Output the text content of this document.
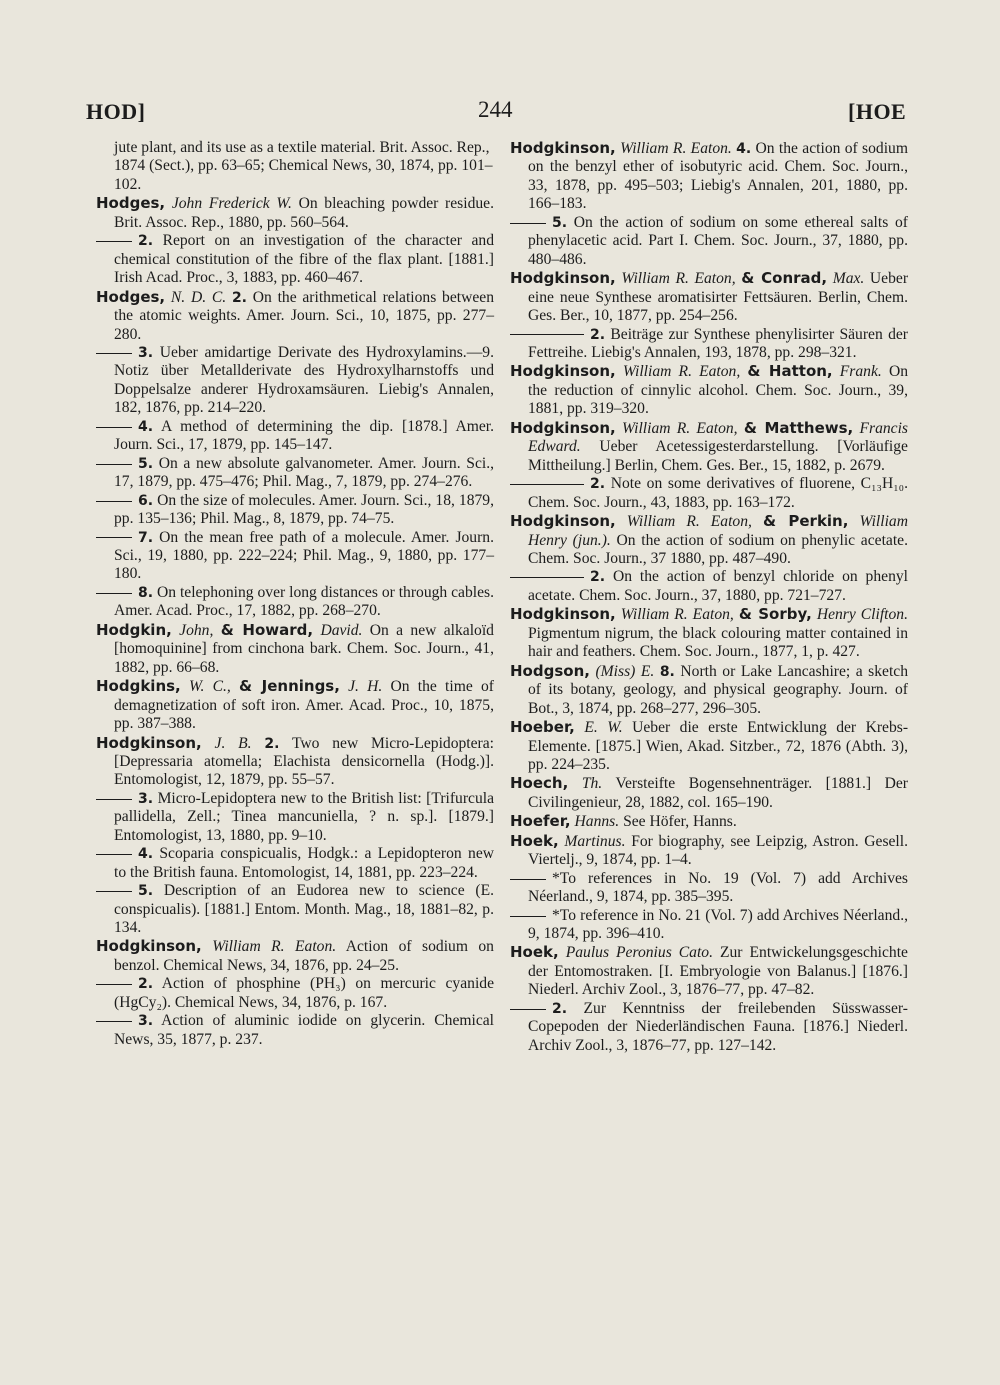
HOD]	244	[HOE

jute plant, and its use as a textile material. Brit. Assoc. Rep., 1874 (Sect.), pp. 63–65; Chemical News, 30, 1874, pp. 101–102.

Hodges, John Frederick W. On bleaching powder residue. Brit. Assoc. Rep., 1880, pp. 560–564.

2. Report on an investigation of the character and chemical constitution of the fibre of the flax plant. [1881.] Irish Acad. Proc., 3, 1883, pp. 460–467.

Hodges, N. D. C. 2. On the arithmetical relations between the atomic weights. Amer. Journ. Sci., 10, 1875, pp. 277–280.

3. Ueber amidartige Derivate des Hydroxylamins.—9. Notiz über Metallderivate des Hydroxylharnstoffs und Doppelsalze anderer Hydroxamsäuren. Liebig's Annalen, 182, 1876, pp. 214–220.

4. A method of determining the dip. [1878.] Amer. Journ. Sci., 17, 1879, pp. 145–147.

5. On a new absolute galvanometer. Amer. Journ. Sci., 17, 1879, pp. 475–476; Phil. Mag., 7, 1879, pp. 274–276.

6. On the size of molecules. Amer. Journ. Sci., 18, 1879, pp. 135–136; Phil. Mag., 8, 1879, pp. 74–75.

7. On the mean free path of a molecule. Amer. Journ. Sci., 19, 1880, pp. 222–224; Phil. Mag., 9, 1880, pp. 177–180.

8. On telephoning over long distances or through cables. Amer. Acad. Proc., 17, 1882, pp. 268–270.

Hodgkin, John, & Howard, David. On a new alkaloïd [homoquinine] from cinchona bark. Chem. Soc. Journ., 41, 1882, pp. 66–68.

Hodgkins, W. C., & Jennings, J. H. On the time of demagnetization of soft iron. Amer. Acad. Proc., 10, 1875, pp. 387–388.

Hodgkinson, J. B. 2. Two new Micro-Lepidoptera: [Depressaria atomella; Elachista densicornella (Hodg.)]. Entomologist, 12, 1879, pp. 55–57.

3. Micro-Lepidoptera new to the British list: [Trifurcula pallidella, Zell.; Tinea mancuniella, ? n. sp.]. [1879.] Entomologist, 13, 1880, pp. 9–10.

4. Scoparia conspicualis, Hodgk.: a Lepidopteron new to the British fauna. Entomologist, 14, 1881, pp. 223–224.

5. Description of an Eudorea new to science (E. conspicualis). [1881.] Entom. Month. Mag., 18, 1881–82, p. 134.

Hodgkinson, William R. Eaton. Action of sodium on benzol. Chemical News, 34, 1876, pp. 24–25.

2. Action of phosphine (PH₃) on mercuric cyanide (HgCy₂). Chemical News, 34, 1876, p. 167.

3. Action of aluminic iodide on glycerin. Chemical News, 35, 1877, p. 237.

Hodgkinson, William R. Eaton. 4. On the action of sodium on the benzyl ether of isobutyric acid. Chem. Soc. Journ., 33, 1878, pp. 495–503; Liebig's Annalen, 201, 1880, pp. 166–183.

5. On the action of sodium on some ethereal salts of phenylacetic acid. Part I. Chem. Soc. Journ., 37, 1880, pp. 480–486.

Hodgkinson, William R. Eaton, & Conrad, Max. Ueber eine neue Synthese aromatisirter Fettsäuren. Berlin, Chem. Ges. Ber., 10, 1877, pp. 254–256.

2. Beiträge zur Synthese phenylisirter Säuren der Fettreihe. Liebig's Annalen, 193, 1878, pp. 298–321.

Hodgkinson, William R. Eaton, & Hatton, Frank. On the reduction of cinnylic alcohol. Chem. Soc. Journ., 39, 1881, pp. 319–320.

Hodgkinson, William R. Eaton, & Matthews, Francis Edward. Ueber Acetessigesterdarstellung. [Vorläufige Mittheilung.] Berlin, Chem. Ges. Ber., 15, 1882, p. 2679.

2. Note on some derivatives of fluorene, C₁₃H₁₀. Chem. Soc. Journ., 43, 1883, pp. 163–172.

Hodgkinson, William R. Eaton, & Perkin, William Henry (jun.). On the action of sodium on phenylic acetate. Chem. Soc. Journ., 37 1880, pp. 487–490.

2. On the action of benzyl chloride on phenyl acetate. Chem. Soc. Journ., 37, 1880, pp. 721–727.

Hodgkinson, William R. Eaton, & Sorby, Henry Clifton. Pigmentum nigrum, the black colouring matter contained in hair and feathers. Chem. Soc. Journ., 1877, 1, p. 427.

Hodgson, (Miss) E. 8. North or Lake Lancashire; a sketch of its botany, geology, and physical geography. Journ. of Bot., 3, 1874, pp. 268–277, 296–305.

Hoeber, E. W. Ueber die erste Entwicklung der Krebs-Elemente. [1875.] Wien, Akad. Sitzber., 72, 1876 (Abth. 3), pp. 224–235.

Hoech, Th. Versteifte Bogensehnenträger. [1881.] Der Civilingenieur, 28, 1882, col. 165–190.

Hoefer, Hanns. See Höfer, Hanns.

Hoek, Martinus. For biography, see Leipzig, Astron. Gesell. Viertelj., 9, 1874, pp. 1–4.

*To references in No. 19 (Vol. 7) add Archives Néerland., 9, 1874, pp. 385–395.

*To reference in No. 21 (Vol. 7) add Archives Néerland., 9, 1874, pp. 396–410.

Hoek, Paulus Peronius Cato. Zur Entwickelungsgeschichte der Entomostraken. [I. Embryologie von Balanus.] [1876.] Niederl. Archiv Zool., 3, 1876–77, pp. 47–82.

2. Zur Kenntniss der freilebenden Süsswasser-Copepoden der Niederländischen Fauna. [1876.] Niederl. Archiv Zool., 3, 1876–77, pp. 127–142.
